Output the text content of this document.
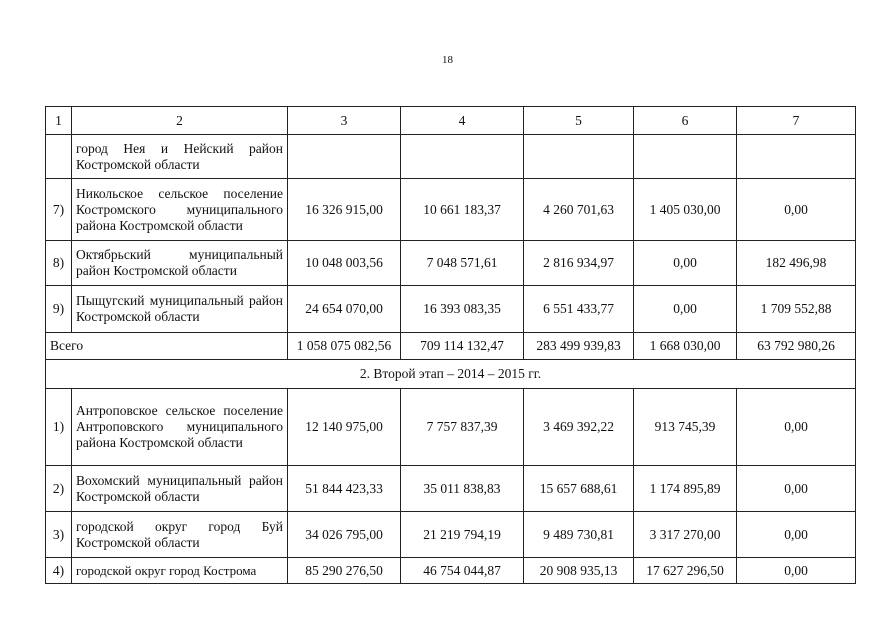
18
1	2	3	4	5	6	7
	город Нея и Нейский район Костромской области					
7)	Никольское сельское поселение Костромского муниципального района Костромской области	16 326 915,00	10 661 183,37	4 260 701,63	1 405 030,00	0,00
8)	Октябрьский муниципальный район Костромской области	10 048 003,56	7 048 571,61	2 816 934,97	0,00	182 496,98
9)	Пыщугский муниципальный район Костромской области	24 654 070,00	16 393 083,35	6 551 433,77	0,00	1 709 552,88
Всего		1 058 075 082,56	709 114 132,47	283 499 939,83	1 668 030,00	63 792 980,26
2. Второй этап – 2014 – 2015 гг.						
1)	Антроповское сельское поселение Антроповского муниципального района Костромской области	12 140 975,00	7 757 837,39	3 469 392,22	913 745,39	0,00
2)	Вохомский муниципальный район Костромской области	51 844 423,33	35 011 838,83	15 657 688,61	1 174 895,89	0,00
3)	городской округ город Буй Костромской области	34 026 795,00	21 219 794,19	9 489 730,81	3 317 270,00	0,00
4)	городской округ город Кострома	85 290 276,50	46 754 044,87	20 908 935,13	17 627 296,50	0,00
